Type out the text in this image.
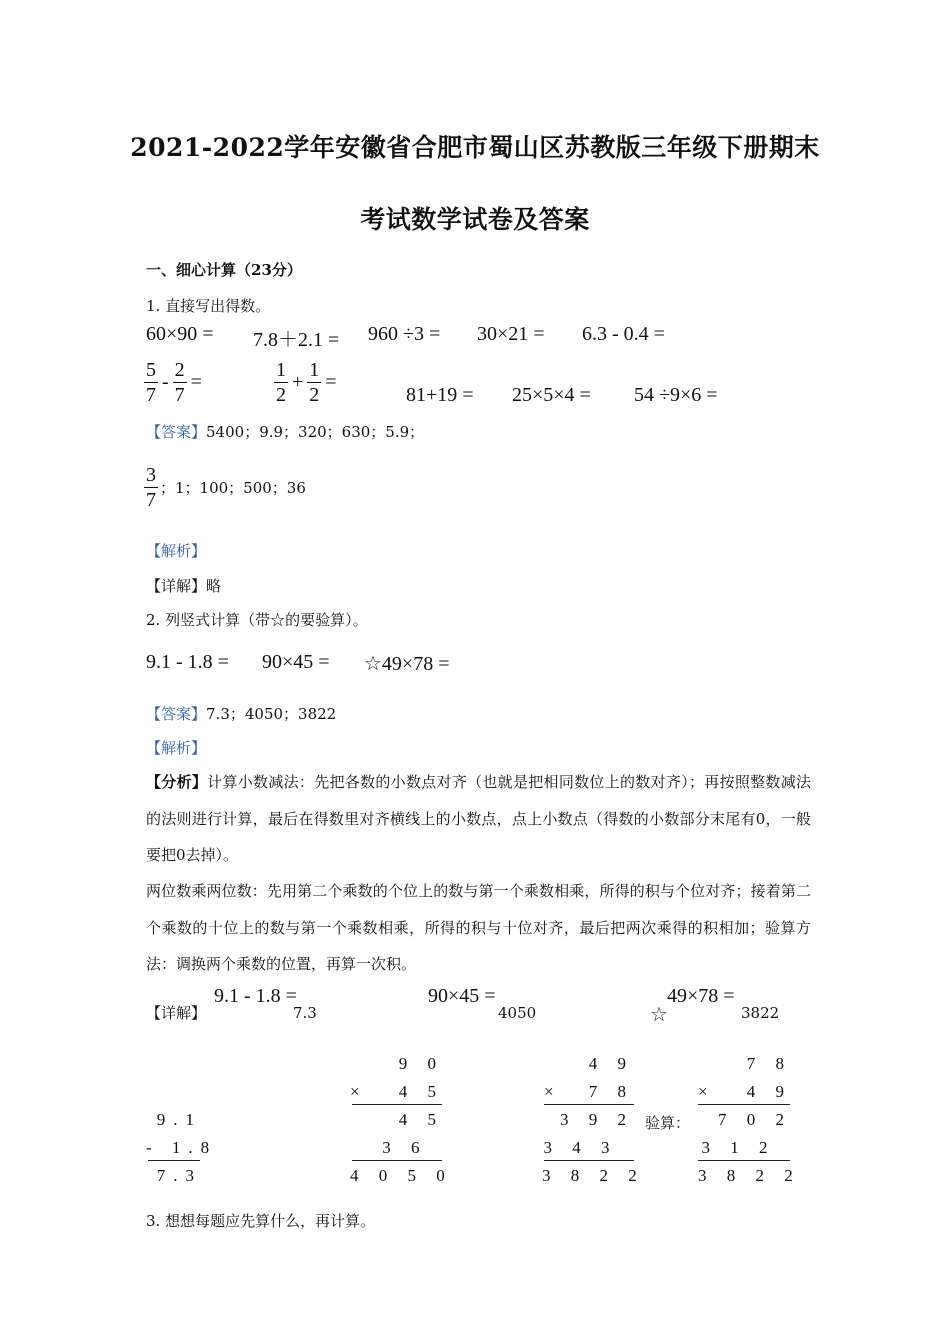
2021-2022学年安徽省合肥市蜀山区苏教版三年级下册期末
考试数学试卷及答案
一、细心计算（23分）
1. 直接写出得数。
60×90 = 7.8＋2.1 = 960 ÷3 = 30×21 = 6.3 - 0.4 =
$\frac{5}{7} - \frac{2}{7}$ =	$\frac{1}{2} + \frac{1}{2}$ =
81+19 = 25×5×4 = 54 ÷9×6 =
【答案】5400；9.9；320；630；5.9；
$\frac{3}{7}$ ；1；100；500；36
【解析】
【详解】略
2. 列竖式计算（带☆的要验算）。
9.1 - 1.8 = 90×45 = ☆49×78 =
【答案】7.3；4050；3822
【解析】
【分析】计算小数减法：先把各数的小数点对齐（也就是把相同数位上的数对齐）；再按照整数减法的法则进行计算，最后在得数里对齐横线上的小数点，点上小数点（得数的小数部分末尾有0，一般要把0去掉）。
两位数乘两位数：先用第二个乘数的个位上的数与第一个乘数相乘，所得的积与个位对齐；接着第二个乘数的十位上的数与第一个乘数相乘，所得的积与十位对齐，最后把两次乘得的积相加；验算方法：调换两个乘数的位置，再算一次积。
【详解】
9.1 - 1.8 =
7.3
90×45 =
4050	☆
49×78 =
3822
9.1
- 1.8
7.3
9 0
×	4 5
4 5
3 6
4 0 5 0
4 9
×	7 8
3 9 2
3 4 3
3 8 2 2
验算：
7 8
×	4 9
7 0 2
3 1 2
3 8 2 2
3. 想想每题应先算什么，再计算。
